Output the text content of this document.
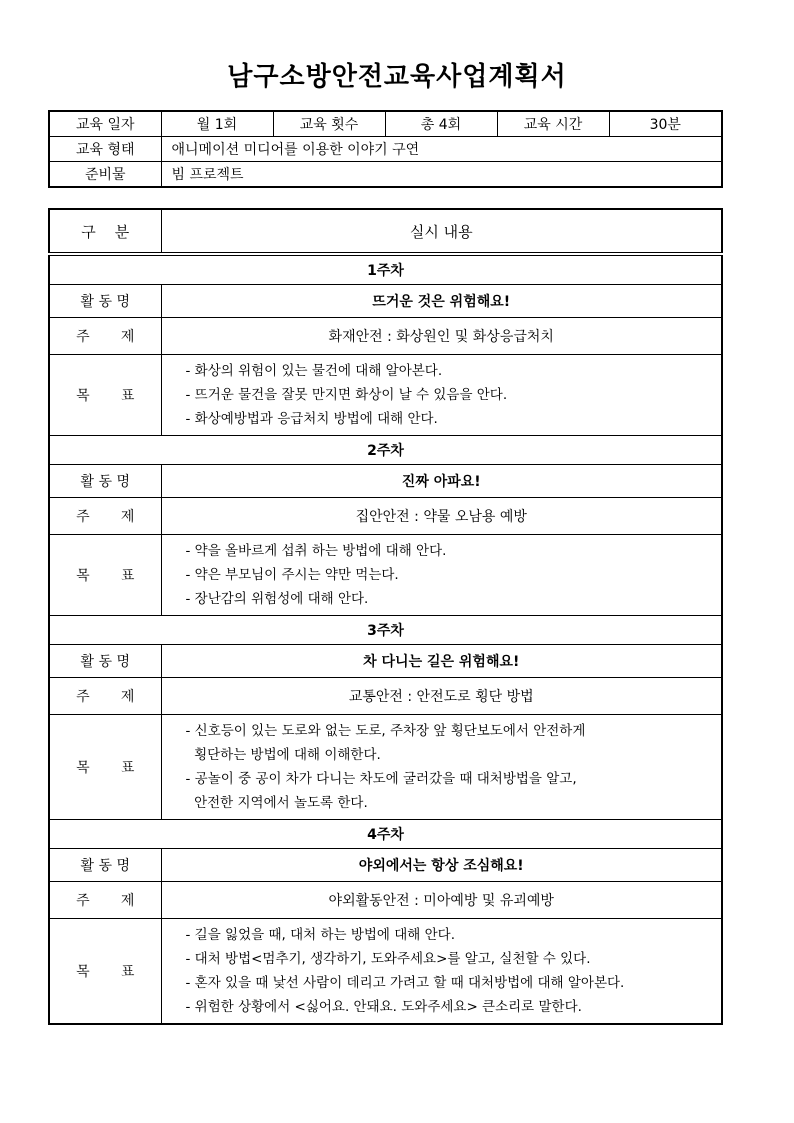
남구소방안전교육사업계획서
교육 일자	월 1회	교육 횟수	총 4회	교육 시간	30분
교육 형태	애니메이션 미디어를 이용한 이야기 구연				
준비물	빔 프로젝트				
구    분	실시 내용
1주차	
활 동 명	뜨거운 것은 위험해요!
주       제	화재안전 : 화상원인 및 화상응급처치
목       표	- 화상의 위험이 있는 물건에 대해 알아본다.
- 뜨거운 물건을 잘못 만지면 화상이 날 수 있음을 안다.
- 화상예방법과 응급처치 방법에 대해 안다.

2주차	
활 동 명	진짜 아파요!
주       제	집안안전 : 약물 오남용 예방
목       표	- 약을 올바르게 섭취 하는 방법에 대해 안다.
- 약은 부모님이 주시는 약만 먹는다.
- 장난감의 위험성에 대해 안다.

3주차	
활 동 명	차 다니는 길은 위험해요!
주       제	교통안전 : 안전도로 횡단 방법
목       표	- 신호등이 있는 도로와 없는 도로, 주차장 앞 횡단보도에서 안전하게
횡단하는 방법에 대해 이해한다.
- 공놀이 중 공이 차가 다니는 차도에 굴러갔을 때 대처방법을 알고,
안전한 지역에서 놀도록 한다.

4주차	
활 동 명	야외에서는 항상 조심해요!
주       제	야외활동안전 : 미아예방 및 유괴예방
목       표	- 길을 잃었을 때, 대처 하는 방법에 대해 안다.
- 대처 방법<멈추기, 생각하기, 도와주세요>를 알고, 실천할 수 있다.
- 혼자 있을 때 낯선 사람이 데리고 가려고 할 때 대처방법에 대해 알아본다.
- 위험한 상황에서 <싫어요. 안돼요. 도와주세요> 큰소리로 말한다.
